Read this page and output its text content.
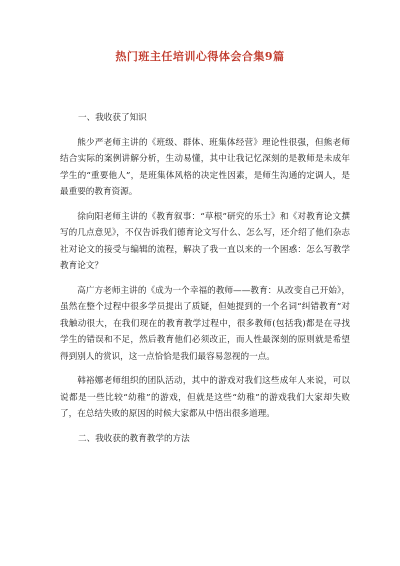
热门班主任培训心得体会合集9篇

一、我收获了知识

熊少严老师主讲的《班级、群体、班集体经营》理论性很强，但熊老师结合实际的案例讲解分析，生动易懂，其中让我记忆深刻的是教师是未成年学生的“重要他人”，是班集体风格的决定性因素，是师生沟通的定调人，是最重要的教育资源。

徐向阳老师主讲的《教育叙事：“草根”研究的乐士》和《对教育论文撰写的几点意见》，不仅告诉我们德育论文写什么、怎么写，还介绍了他们杂志社对论文的接受与编辑的流程，解决了我一直以来的一个困惑：怎么写教学教育论文？

高广方老师主讲的《成为一个幸福的教师——教育：从改变自己开始》，虽然在整个过程中很多学员提出了质疑，但她提到的一个名词“纠错教育”对我触动很大，在我们现在的教育教学过程中，很多教师(包括我)都是在寻找学生的错误和不足，然后教育他们必须改正，而人性最深刻的原则就是希望得到别人的赏识，这一点恰恰是我们最容易忽视的一点。

韩裕娜老师组织的团队活动，其中的游戏对我们这些成年人来说，可以说都是一些比较“幼稚”的游戏，但就是这些“幼稚”的游戏我们大家却失败了，在总结失败的原因的时候大家都从中悟出很多道理。

二、我收获的教育教学的方法
